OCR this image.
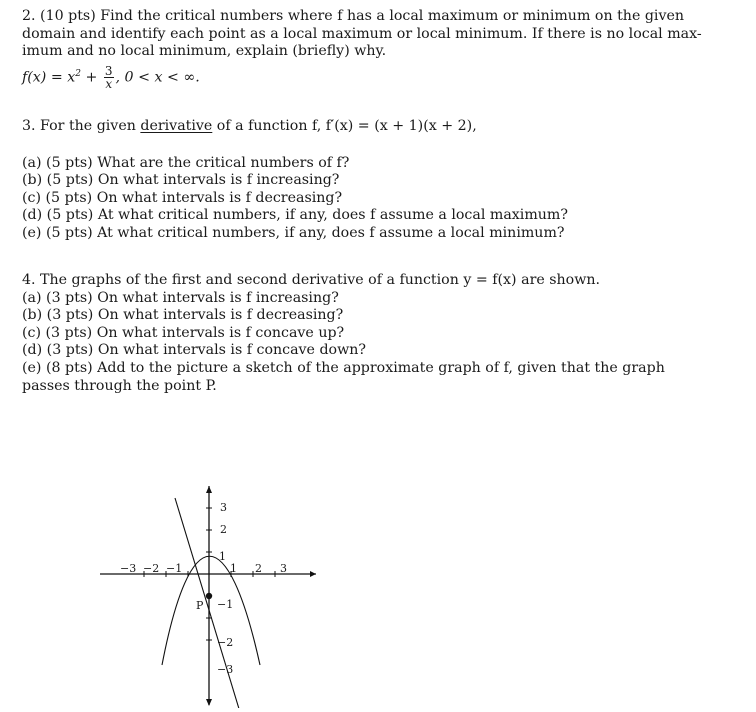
2. (10 pts) Find the critical numbers where f has a local maximum or minimum on the given
domain and identify each point as a local maximum or local minimum. If there is no local max-
imum and no local minimum, explain (briefly) why.
$f(x) = x^2 + \frac{3}{x}$ , 0 < x < ∞.
3. For the given derivative of a function f, f′(x) = (x + 1)(x + 2),
(a) (5 pts) What are the critical numbers of f?
(b) (5 pts) On what intervals is f increasing?
(c) (5 pts) On what intervals is f decreasing?
(d) (5 pts) At what critical numbers, if any, does f assume a local maximum?
(e) (5 pts) At what critical numbers, if any, does f assume a local minimum?
4. The graphs of the first and second derivative of a function y = f(x) are shown.
(a) (3 pts) On what intervals is f increasing?
(b) (3 pts) On what intervals is f decreasing?
(c) (3 pts) On what intervals is f concave up?
(d) (3 pts) On what intervals is f concave down?
(e) (8 pts) Add to the picture a sketch of the approximate graph of f, given that the graph
passes through the point P.
−3 −2 −1	1 2 3
3
2
1
−1
−2
−3
P
